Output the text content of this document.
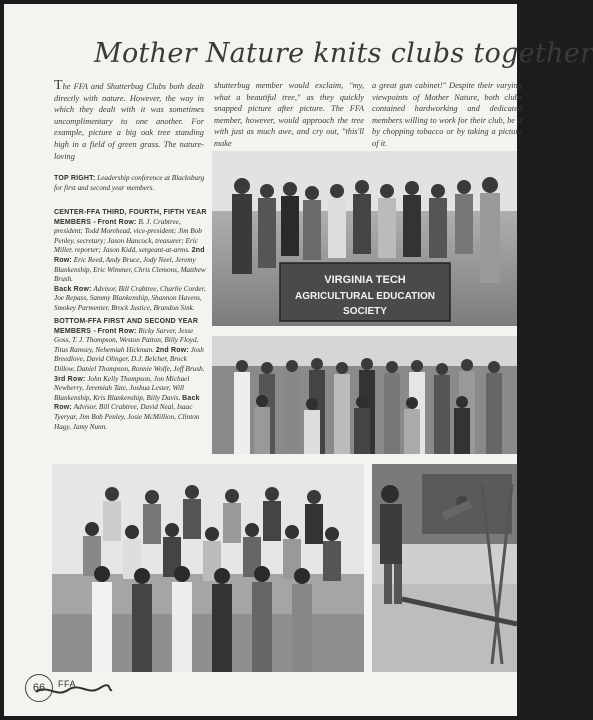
Mother Nature knits clubs together
The FFA and Shutterbug Clubs both dealt directly with nature. However, the way in which they dealt with it was sometimes uncomplimentary to one another. For example, picture a big oak tree standing high in a field of green grass. The nature-loving
shutterbug member would exclaim, "my, what a beautiful tree," as they quickly snapped picture after picture. The FFA member, however, would approach the tree with just as much awe, and cry out, "this'll make
a great gun cabinet!" Despite their varying viewpoints of Mother Nature, both clubs contained hardworking and dedicated members willing to work for their club, be it by chopping tobacco or by taking a picture of it.
TOP RIGHT: Leadership conference at Blacksburg for first and second year members.
CENTER-FFA THIRD, FOURTH, FIFTH YEAR MEMBERS - Front Row: B. J. Crabtree, president; Todd Morehead, vice-president; Jim Bob Penley, secretary; Jason Hancock, treasurer; Eric Miller, reporter; Jason Kidd, sergeant-at-arms. 2nd Row: Eric Reed, Andy Bruce, Jody Neel, Jeremy Blankenship, Eric Wimmer, Chris Clemons, Matthew Brush.
Back Row: Advisor, Bill Crabtree, Charlie Corder, Joe Repass, Sammy Blankenship, Shannon Havens, Smokey Parmenter, Brock Justice, Brandon Sink.
BOTTOM-FFA FIRST AND SECOND YEAR MEMBERS - Front Row: Ricky Sarver, Jesse Goss, T. J. Thompson, Weston Patton, Billy Floyd, Titus Ramsey, Nehemiah Hickman. 2nd Row: Josh Breedlove, David Olinger, D.J. Belcher, Brock Dillow, Daniel Thompson, Ronnie Wolfe, Jeff Brush. 3rd Row: John Kelly Thompson, Jon Michael Newberry, Jeremiah Tate, Joshua Lester, Will Blankenship, Kris Blankenship, Billy Davis. Back Row: Advisor, Bill Crabtree, David Neal, Isaac Tyeryar, Jim Bob Penley, Josie McMillion, Clinton Hagy, Jamy Nunn.
VIRGINIA TECH
AGRICULTURAL EDUCATION
SOCIETY
66	FFA
